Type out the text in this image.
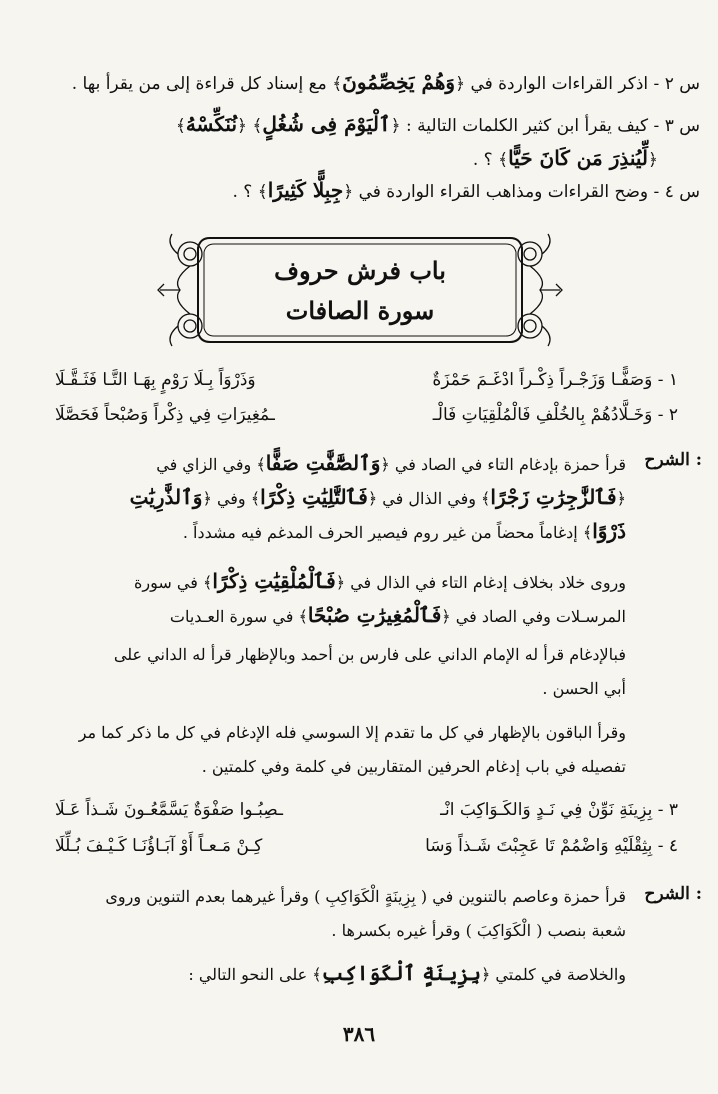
س ٢ - اذكر القراءات الواردة في ﴿وَهُمْ يَخِصِّمُونَ﴾ مع إسناد كل قراءة إلى من يقرأ بها .
س ٣ - كيف يقرأ ابن كثير الكلمات التالية : ﴿ٱلْيَوْمَ فِى شُغُلٍ﴾ ﴿نُنَكِّسْهُ﴾
﴿لِّيُنذِرَ مَن كَانَ حَيًّا﴾ ؟ .
س ٤ - وضح القراءات ومذاهب القراء الواردة في ﴿جِبِلًّا كَثِيرًا﴾ ؟ .
باب فرش حروف
سورة الصافات
١ - وَصَفًّـا وَزَجْـراً ذِكْـراً ادْغَـمَ حَمْزَةٌ
وَذَرْوَاً بِـلَا رَوْمٍ بِهَـا التَّـا فَثَـقَّـلَا
٢ - وَخَـلَّادُهُمْ بِالخُلْفِ فَالْمُلْقِيَاتِ فَالْـ
ـمُغِيرَاتِ فِي ذِكْراً وَصُبْحاً فَحَصَّلَا
الشرح :
قرأ حمزة بإدغام التاء في الصاد في ﴿وَٱلصَّٰٓفَّٰتِ صَفًّا﴾ وفي الزاي في
﴿فَٱلزَّٰجِرَٰتِ زَجْرًا﴾ وفي الذال في ﴿فَٱلتَّٰلِيَٰتِ ذِكْرًا﴾ وفي ﴿وَٱلذَّٰرِيَٰتِ
ذَرْوًا﴾ إدغاماً محضاً من غير روم فيصير الحرف المدغم فيه مشدداً .
وروى خلاد بخلاف إدغام التاء في الذال في ﴿فَٱلْمُلْقِيَٰتِ ذِكْرًا﴾ في سورة
المرسـلات وفي الصاد في ﴿فَٱلْمُغِيرَٰتِ صُبْحًا﴾ في سورة العـديات
فبالإدغام قرأ له الإمام الداني على فارس بن أحمد وبالإظهار قرأ له الداني على
أبي الحسن .
وقرأ الباقون بالإظهار في كل ما تقدم إلا السوسي فله الإدغام في كل ما ذكر كما مر
تفصيله في باب إدغام الحرفين المتقاربين في كلمة وفي كلمتين .
٣ - بِزِينَةِ نَوِّنْ فِي نَـدٍ وَالكَـوَاكِبَ انْـ
ـصِبُـوا صَفْوَةٌ يَسَّمَّعُـونَ شَـذاً عَـلَا
٤ - بِثِقْلَيْهِ وَاضْمُمْ تَا عَجِبْتَ شَـذاً وَسَا
كِـنْ مَـعـاً أَوْ آبَـاؤُنَـا كَـيْـفَ بُـلِّلَا
الشرح :
قرأ حمزة وعاصم بالتنوين في ( بِزِينَةٍ الْكَوَاكِبِ ) وقرأ غيرهما بعدم التنوين وروى
شعبة بنصب ( الْكَوَاكِبَ ) وقرأ غيره بكسرها .
والخلاصة في كلمتي ﴿بِزِينَةٍ ٱلْكَوَاكِبِ﴾ على النحو التالي :
٣٨٦
